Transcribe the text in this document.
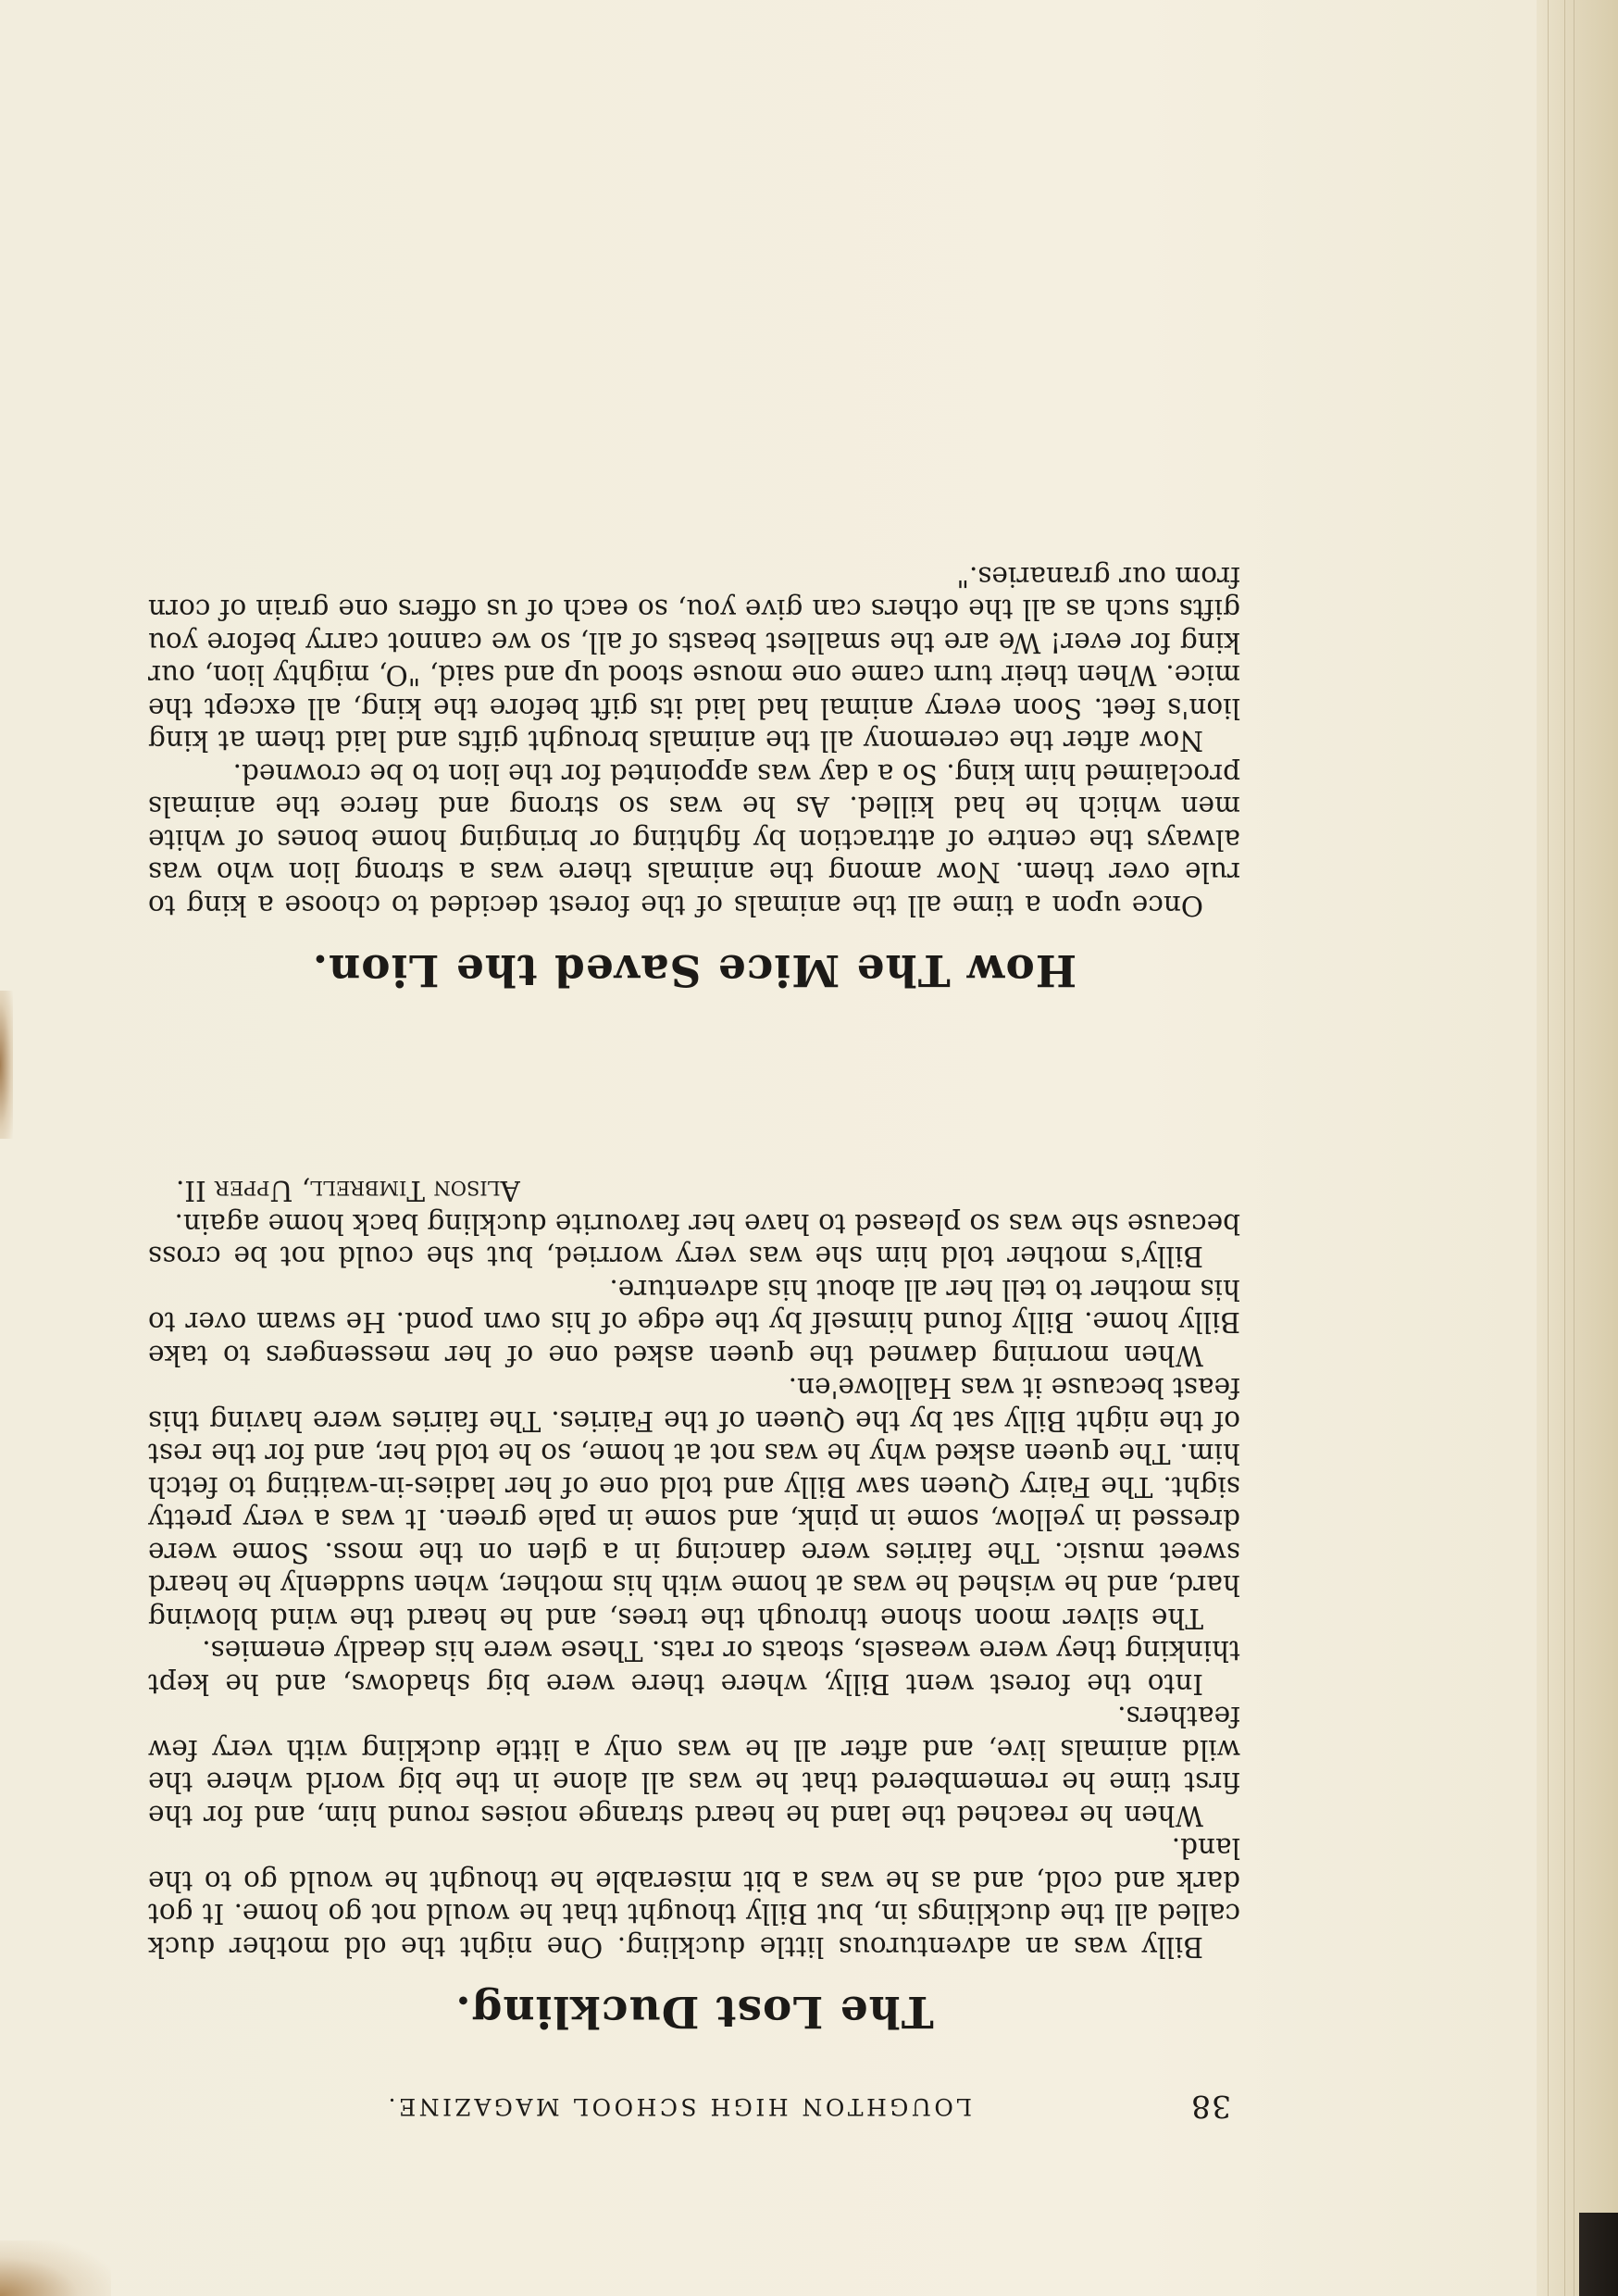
38
LOUGHTON HIGH SCHOOL MAGAZINE.
The Lost Duckling.

Billy was an adventurous little duckling. One night the old mother duck called all the ducklings in, but Billy thought that he would not go home. It got dark and cold, and as he was a bit miserable he thought he would go to the land.

When he reached the land he heard strange noises round him, and for the first time he remembered that he was all alone in the big world where the wild animals live, and after all he was only a little duckling with very few feathers.

Into the forest went Billy, where there were big shadows, and he kept thinking they were weasels, stoats or rats. These were his deadly enemies.

The silver moon shone through the trees, and he heard the wind blowing hard, and he wished he was at home with his mother, when suddenly he heard sweet music. The fairies were dancing in a glen on the moss. Some were dressed in yellow, some in pink, and some in pale green. It was a very pretty sight. The Fairy Queen saw Billy and told one of her ladies-in-waiting to fetch him. The queen asked why he was not at home, so he told her, and for the rest of the night Billy sat by the Queen of the Fairies. The fairies were having this feast because it was Hallowe'en.

When morning dawned the queen asked one of her messengers to take Billy home. Billy found himself by the edge of his own pond. He swam over to his mother to tell her all about his adventure.

Billy's mother told him she was very worried, but she could not be cross because she was so pleased to have her favourite duckling back home again.

Alison Timbrell, Upper II.

How The Mice Saved the Lion.

Once upon a time all the animals of the forest decided to choose a king to rule over them. Now among the animals there was a strong lion who was always the centre of attraction by fighting or bringing home bones of white men which he had killed. As he was so strong and fierce the animals proclaimed him king. So a day was appointed for the lion to be crowned.

Now after the ceremony all the animals brought gifts and laid them at king lion's feet. Soon every animal had laid its gift before the king, all except the mice. When their turn came one mouse stood up and said, "O, mighty lion, our king for ever! We are the smallest beasts of all, so we cannot carry before you gifts such as all the others can give you, so each of us offers one grain of corn from our granaries."
